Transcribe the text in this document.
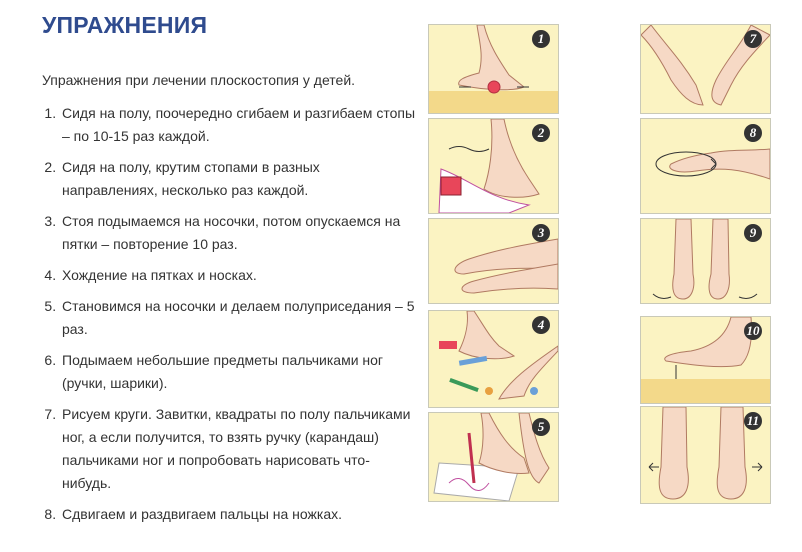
УПРАЖНЕНИЯ
Упражнения при лечении плоскостопия у детей.
1. Сидя на полу, поочередно сгибаем и разгибаем стопы – по 10-15 раз каждой.
2. Сидя на полу, крутим стопами в разных направлениях, несколько раз каждой.
3. Стоя подымаемся на носочки, потом опускаемся на пятки – повторение 10 раз.
4. Хождение на пятках и носках.
5. Становимся на носочки и делаем полуприседания – 5 раз.
6. Подымаем небольшие предметы пальчиками ног (ручки, шарики).
7. Рисуем круги. Завитки, квадраты по полу пальчиками ног, а если получится, то взять ручку (карандаш) пальчиками ног и попробовать нарисовать что-нибудь.
8. Сдвигаем и раздвигаем пальцы на ножках.
1
2
3
4
5
7
8
9
10
11
